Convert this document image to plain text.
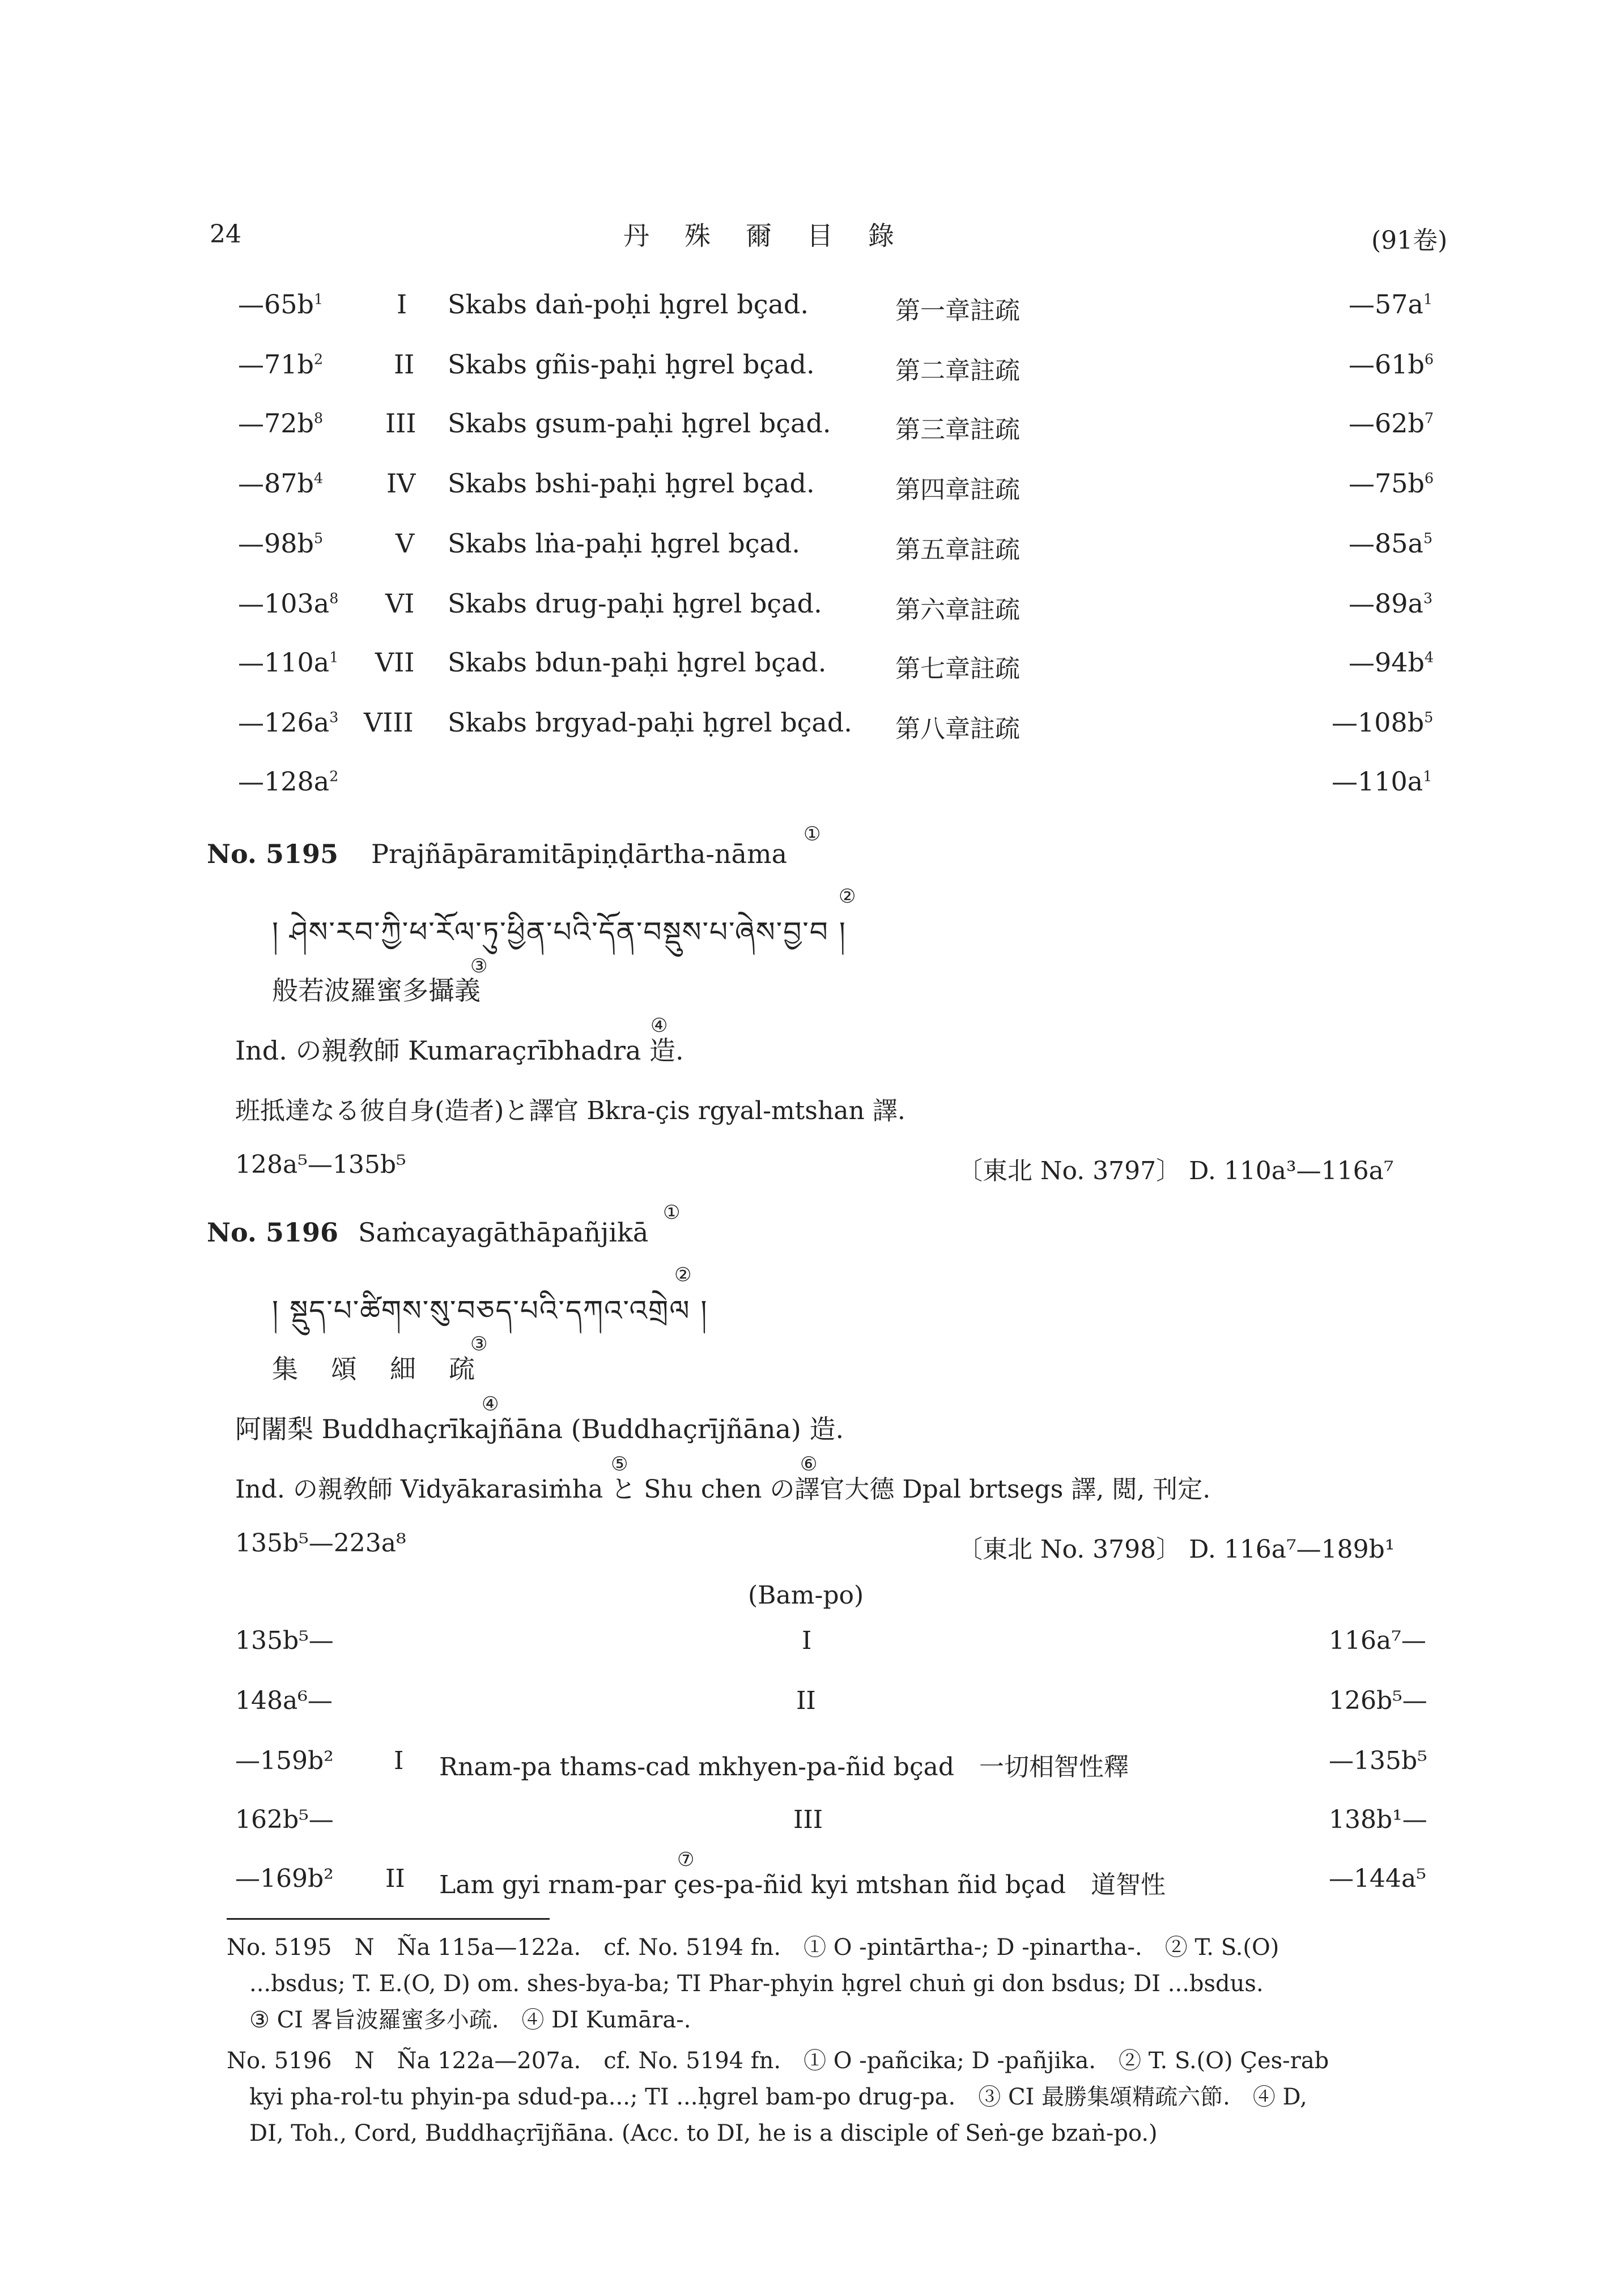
24	丹　殊　爾　目　錄	(91卷)
$—65b^1$	I Skabs daṅ-poḥi ḥgrel bçad.	第一章註疏	$—57a^1$
$—71b^2$	II Skabs gñis-paḥi ḥgrel bçad.	第二章註疏	$—61b^6$
$—72b^8$ III Skabs gsum-paḥi ḥgrel bçad.	第三章註疏	$—62b^7$
$—87b^4$ IV Skabs bshi-paḥi ḥgrel bçad.	第四章註疏	$—75b^6$
$—98b^5$	V Skabs lṅa-paḥi ḥgrel bçad.	第五章註疏	$—85a^5$
$—103a^8$ VI Skabs drug-paḥi ḥgrel bçad.	第六章註疏	$—89a^3$
$—110a^1$ VII Skabs bdun-paḥi ḥgrel bçad.	第七章註疏	$—94b^4$
$—126a^3$ VIII Skabs brgyad-paḥi ḥgrel bçad. 第八章註疏	$—108b^5$
$—128a^2$	$—110a^1$
①
No. 5195 Prajñāpāramitāpiṇḍārtha-nāma
②
། ཤེས་རབ་ཀྱི་ཕ་རོལ་ཏུ་ཕྱིན་པའི་དོན་བསྡུས་པ་ཞེས་བྱ་བ །
③
般若波羅蜜多攝義
④
Ind. の親敎師 Kumaraçrībhadra 造.
班抵達なる彼自身(造者)と譯官 Bkra-çis rgyal-mtshan 譯.
128a⁵—135b⁵	〔東北 No. 3797〕 D. 110a³—116a⁷
①
No. 5196 Saṁcayagāthāpañjikā
②
། སྡུད་པ་ཚིགས་སུ་བཅད་པའི་དཀའ་འགྲེལ །
③
集　頌　細　疏
④
阿闍梨 Buddhaçrīkajñāna (Buddhaçrījñāna) 造.
⑤	⑥
Ind. の親敎師 Vidyākarasiṁha と Shu chen の譯官大德 Dpal brtsegs 譯, 閲, 刊定.
135b⁵—223a⁸	〔東北 No. 3798〕 D. 116a⁷—189b¹
(Bam-po)
135b⁵—	I	116a⁷—
148a⁶—	II	126b⁵—
—159b² I Rnam-pa thams-cad mkhyen-pa-ñid bçad　一切相智性釋	—135b⁵
162b⁵—	III	138b¹—
⑦
—169b² II Lam gyi rnam-par çes-pa-ñid kyi mtshan ñid bçad　道智性	—144a⁵
No. 5195　N　Ña 115a—122a.　cf. No. 5194 fn.　① O -pintārtha-; D -pinartha-.　② T. S.(O)
...bsdus; T. E.(O, D) om. shes-bya-ba; TI Phar-phyin ḥgrel chuṅ gi don bsdus; DI ...bsdus.
③ CI 畧旨波羅蜜多小疏.　④ DI Kumāra-.
No. 5196　N　Ña 122a—207a.　cf. No. 5194 fn.　① O -pañcika; D -pañjika.　② T. S.(O) Çes-rab
kyi pha-rol-tu phyin-pa sdud-pa...; TI ...ḥgrel bam-po drug-pa.　③ CI 最勝集頌精疏六節.　④ D,
DI, Toh., Cord, Buddhaçrījñāna. (Acc. to DI, he is a disciple of Seṅ-ge bzaṅ-po.)
